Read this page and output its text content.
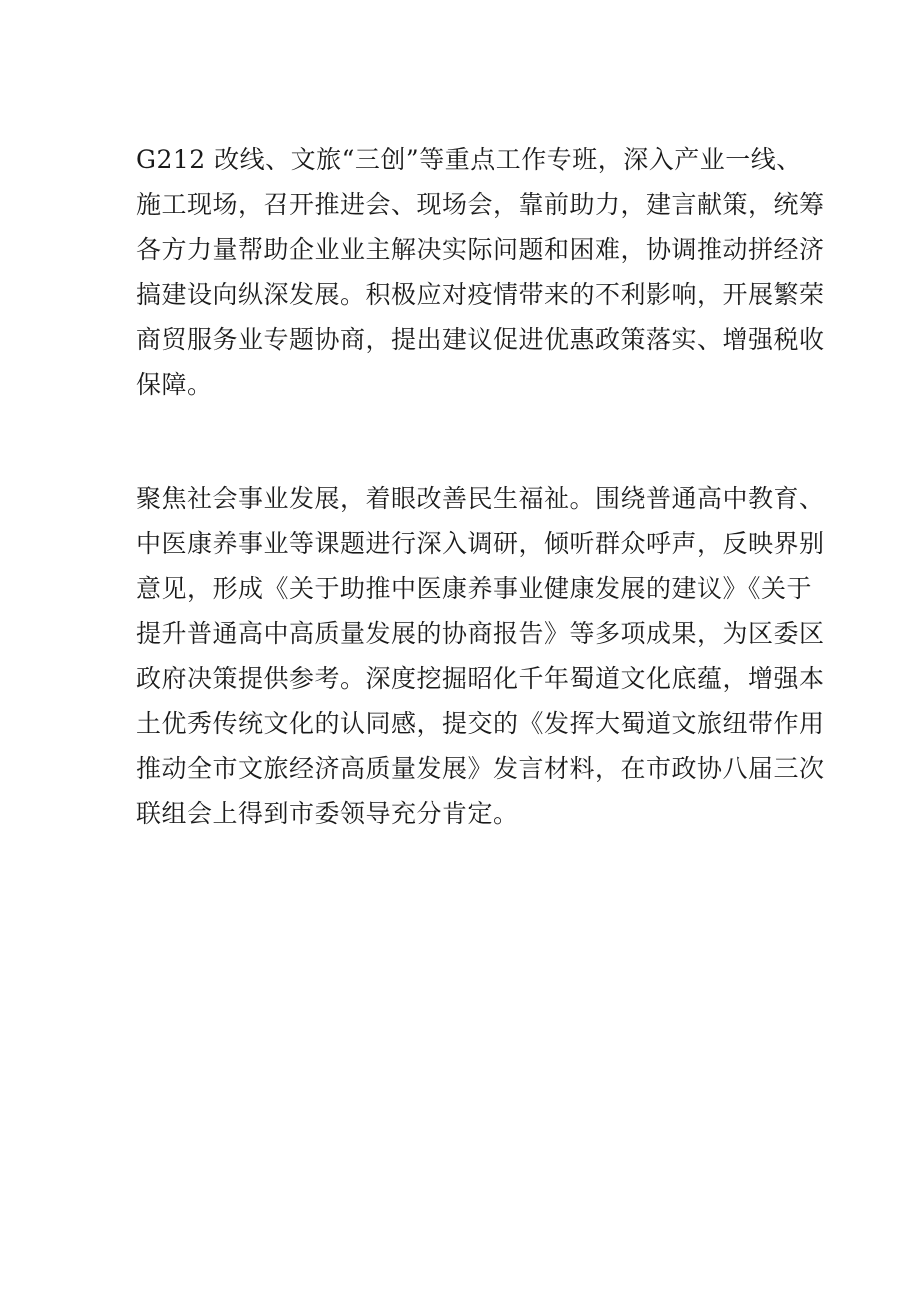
G212 改线、文旅“三创”等重点工作专班，深入产业一线、
施工现场，召开推进会、现场会，靠前助力，建言献策，统筹
各方力量帮助企业业主解决实际问题和困难，协调推动拼经济
搞建设向纵深发展。积极应对疫情带来的不利影响，开展繁荣
商贸服务业专题协商，提出建议促进优惠政策落实、增强税收
保障。
聚焦社会事业发展，着眼改善民生福祉。围绕普通高中教育、
中医康养事业等课题进行深入调研，倾听群众呼声，反映界别
意见，形成《关于助推中医康养事业健康发展的建议》《关于
提升普通高中高质量发展的协商报告》等多项成果，为区委区
政府决策提供参考。深度挖掘昭化千年蜀道文化底蕴，增强本
土优秀传统文化的认同感，提交的《发挥大蜀道文旅纽带作用
推动全市文旅经济高质量发展》发言材料，在市政协八届三次
联组会上得到市委领导充分肯定。
